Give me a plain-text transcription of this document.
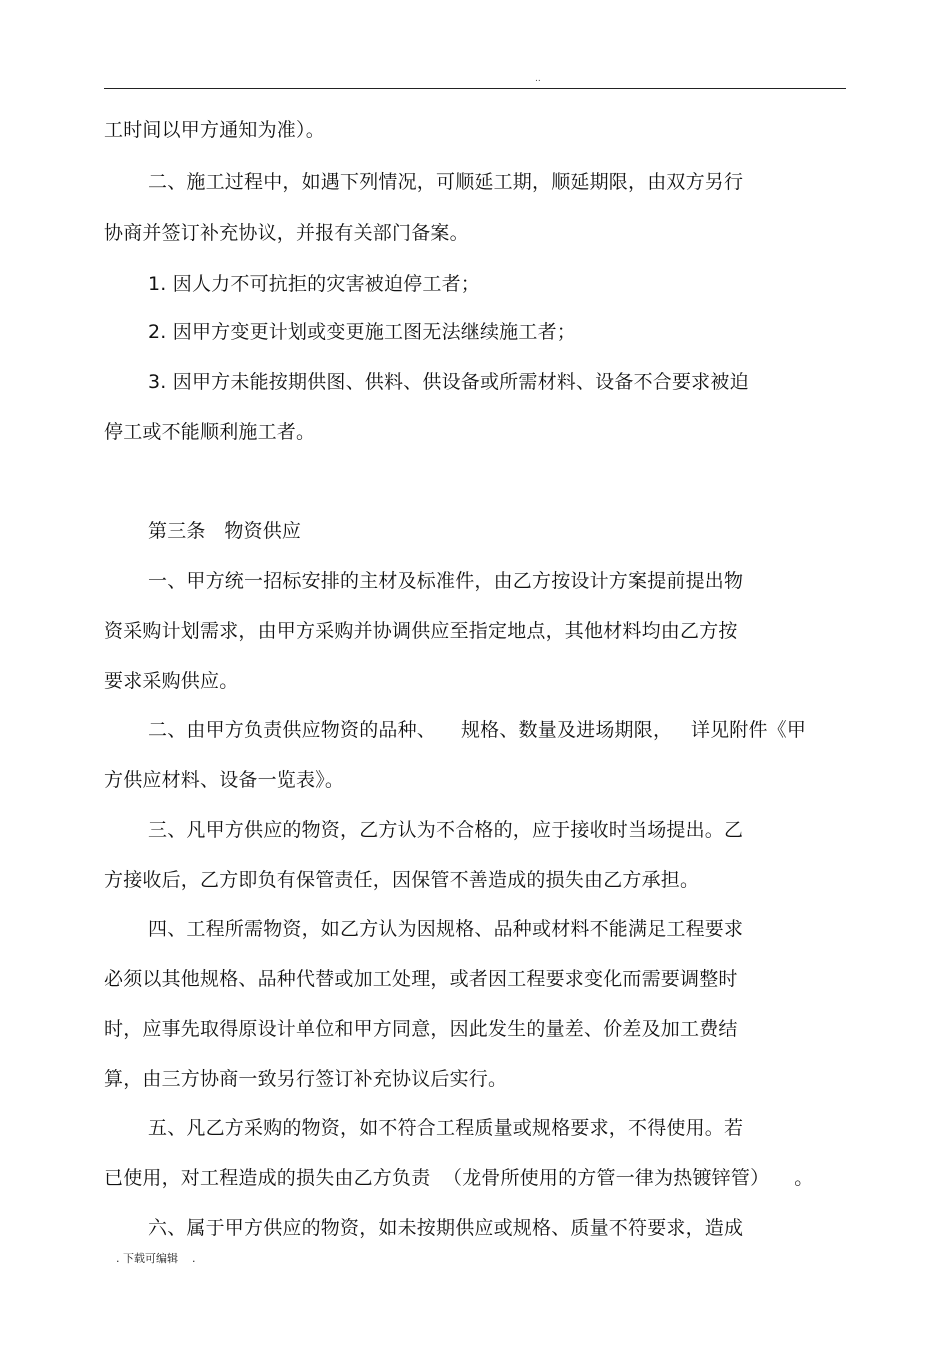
..
工时间以甲方通知为准）。
二、施工过程中，如遇下列情况，可顺延工期，顺延期限，由双方另行
协商并签订补充协议，并报有关部门备案。
1. 因人力不可抗拒的灾害被迫停工者；
2. 因甲方变更计划或变更施工图无法继续施工者；
3. 因甲方未能按期供图、供料、供设备或所需材料、设备不合要求被迫
停工或不能顺利施工者。
第三条   物资供应
一、甲方统一招标安排的主材及标准件，由乙方按设计方案提前提出物
资采购计划需求，由甲方采购并协调供应至指定地点，其他材料均由乙方按
要求采购供应。
二、由甲方负责供应物资的品种、    规格、数量及进场期限，   详见附件《甲
方供应材料、设备一览表》。
三、凡甲方供应的物资，乙方认为不合格的，应于接收时当场提出。乙
方接收后，乙方即负有保管责任，因保管不善造成的损失由乙方承担。
四、工程所需物资，如乙方认为因规格、品种或材料不能满足工程要求
必须以其他规格、品种代替或加工处理，或者因工程要求变化而需要调整时
时，应事先取得原设计单位和甲方同意，因此发生的量差、价差及加工费结
算，由三方协商一致另行签订补充协议后实行。
五、凡乙方采购的物资，如不符合工程质量或规格要求，不得使用。若
已使用，对工程造成的损失由乙方负责  （龙骨所使用的方管一律为热镀锌管）    。
六、属于甲方供应的物资，如未按期供应或规格、质量不符要求，造成
. 下载可编辑    .
